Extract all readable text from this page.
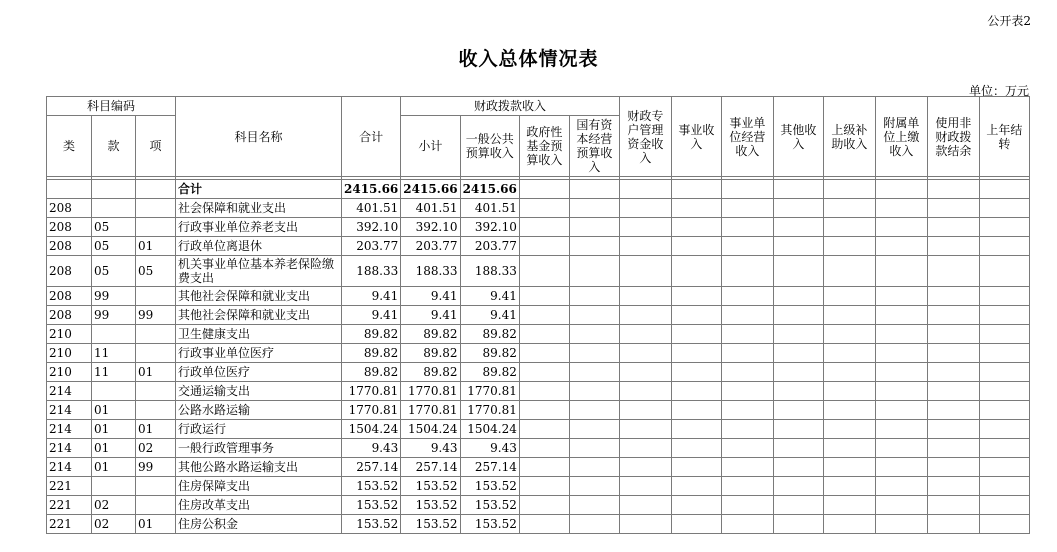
公开表2
收入总体情况表
单位：万元
科目编码			科目名称	合计	财政拨款收入				财政专户管理资金收入	事业收入	事业单位经营收入	其他收入	上级补助收入	附属单位上缴收入	使用非财政拨款结余	上年结转
类	款	项			小计	一般公共预算收入	政府性基金预算收入	国有资本经营预算收入								

			合计	2415.66	2415.66	2415.66										
208			社会保障和就业支出	401.51	401.51	401.51										
208	05		行政事业单位养老支出	392.10	392.10	392.10										
208	05	01	行政单位离退休	203.77	203.77	203.77										
208	05	05	机关事业单位基本养老保险缴费支出	188.33	188.33	188.33										
208	99		其他社会保障和就业支出	9.41	9.41	9.41										
208	99	99	其他社会保障和就业支出	9.41	9.41	9.41										
210			卫生健康支出	89.82	89.82	89.82										
210	11		行政事业单位医疗	89.82	89.82	89.82										
210	11	01	行政单位医疗	89.82	89.82	89.82										
214			交通运输支出	1770.81	1770.81	1770.81										
214	01		公路水路运输	1770.81	1770.81	1770.81										
214	01	01	行政运行	1504.24	1504.24	1504.24										
214	01	02	一般行政管理事务	9.43	9.43	9.43										
214	01	99	其他公路水路运输支出	257.14	257.14	257.14										
221			住房保障支出	153.52	153.52	153.52										
221	02		住房改革支出	153.52	153.52	153.52										
221	02	01	住房公积金	153.52	153.52	153.52										
